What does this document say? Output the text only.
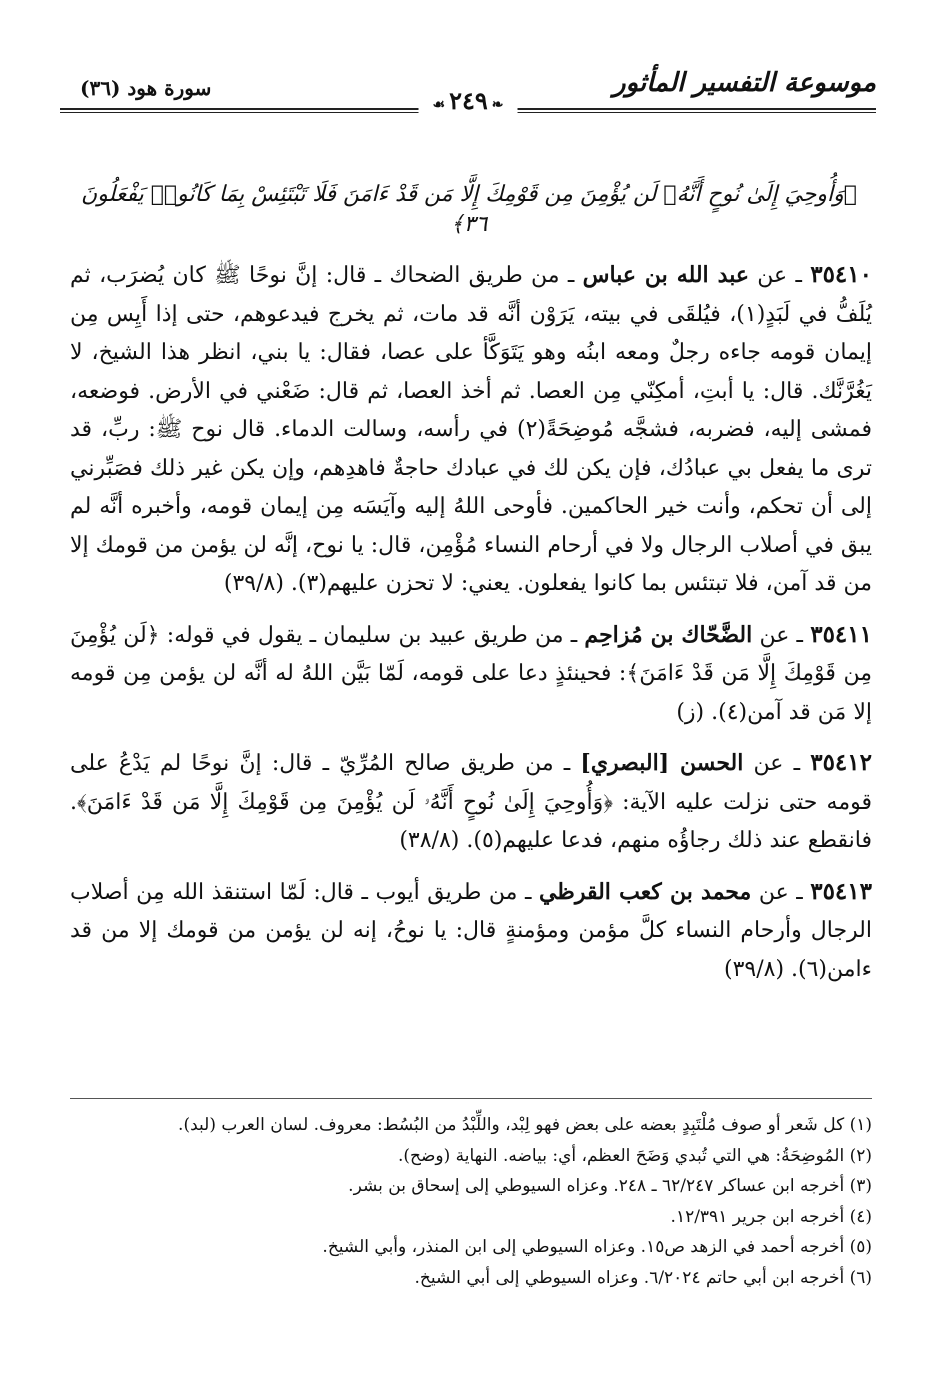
موسوعة التفسير المأثور
❧٢٤٩☙
سورة هود (٣٦)
﴿وَأُوحِيَ إِلَىٰ نُوحٍ أَنَّهُۥ لَن يُؤْمِنَ مِن قَوْمِكَ إِلَّا مَن قَدْ ءَامَنَ فَلَا تَبْتَئِسْ بِمَا كَانُوا۟ يَفْعَلُونَ ٣٦﴾

٣٥٤١٠ ـ عن عبد الله بن عباس ـ من طريق الضحاك ـ قال: إنَّ نوحًا ﷺ كان يُضرَب، ثم يُلَفُّ في لَبَدٍ(١)، فيُلقَى في بيته، يَرَوْن أنَّه قد مات، ثم يخرج فيدعوهم، حتى إذا أَيِس مِن إيمان قومه جاءه رجلٌ ومعه ابنُه وهو يَتَوَكَّأ على عصا، فقال: يا بني، انظر هذا الشيخ، لا يَغُرَّنَّك. قال: يا أبتِ، أمكِنّي مِن العصا. ثم أخذ العصا، ثم قال: ضَعْني في الأرض. فوضعه، فمشى إليه، فضربه، فشجَّه مُوضِحَةً(٢) في رأسه، وسالت الدماء. قال نوح ﷺ: ربِّ، قد ترى ما يفعل بي عبادُك، فإن يكن لك في عبادك حاجةٌ فاهدِهم، وإن يكن غير ذلك فصَبِّرني إلى أن تحكم، وأنت خير الحاكمين. فأوحى اللهُ إليه وآيَسَه مِن إيمان قومه، وأخبره أنَّه لم يبق في أصلاب الرجال ولا في أرحام النساء مُؤْمِن، قال: يا نوح، إنَّه لن يؤمن من قومك إلا من قد آمن، فلا تبتئس بما كانوا يفعلون. يعني: لا تحزن عليهم(٣). (٣٩/٨)

٣٥٤١١ ـ عن الضَّحّاك بن مُزاحِم ـ من طريق عبيد بن سليمان ـ يقول في قوله: ﴿لَن يُؤْمِنَ مِن قَوْمِكَ إِلَّا مَن قَدْ ءَامَنَ﴾: فحينئذٍ دعا على قومه، لَمّا بَيَّن اللهُ له أنَّه لن يؤمن مِن قومه إلا مَن قد آمن(٤). (ز)

٣٥٤١٢ ـ عن الحسن [البصري] ـ من طريق صالح المُرِّيّ ـ قال: إنَّ نوحًا لم يَدْعُ على قومه حتى نزلت عليه الآية: ﴿وَأُوحِيَ إِلَىٰ نُوحٍ أَنَّهُۥ لَن يُؤْمِنَ مِن قَوْمِكَ إِلَّا مَن قَدْ ءَامَنَ﴾. فانقطع عند ذلك رجاؤُه منهم، فدعا عليهم(٥). (٣٨/٨)

٣٥٤١٣ ـ عن محمد بن كعب القرظي ـ من طريق أيوب ـ قال: لَمّا استنقذ الله مِن أصلاب الرجال وأرحام النساء كلَّ مؤمن ومؤمنةٍ قال: يا نوحُ، إنه لن يؤمن من قومك إلا من قد ءامن(٦). (٣٩/٨)

(١) كل شَعر أو صوف مُلْتَبِدٍ بعضه على بعض فهو لِبْد، واللِّبْدُ من البُسُط: معروف. لسان العرب (لبد).
(٢) المُوضِحَةُ: هي التي تُبدي وَضَحَ العظم، أي: بياضه. النهاية (وضح).
(٣) أخرجه ابن عساكر ٦٢/٢٤٧ ـ ٢٤٨. وعزاه السيوطي إلى إسحاق بن بشر.
(٤) أخرجه ابن جرير ١٢/٣٩١.
(٥) أخرجه أحمد في الزهد ص١٥. وعزاه السيوطي إلى ابن المنذر، وأبي الشيخ.
(٦) أخرجه ابن أبي حاتم ٦/٢٠٢٤. وعزاه السيوطي إلى أبي الشيخ.
